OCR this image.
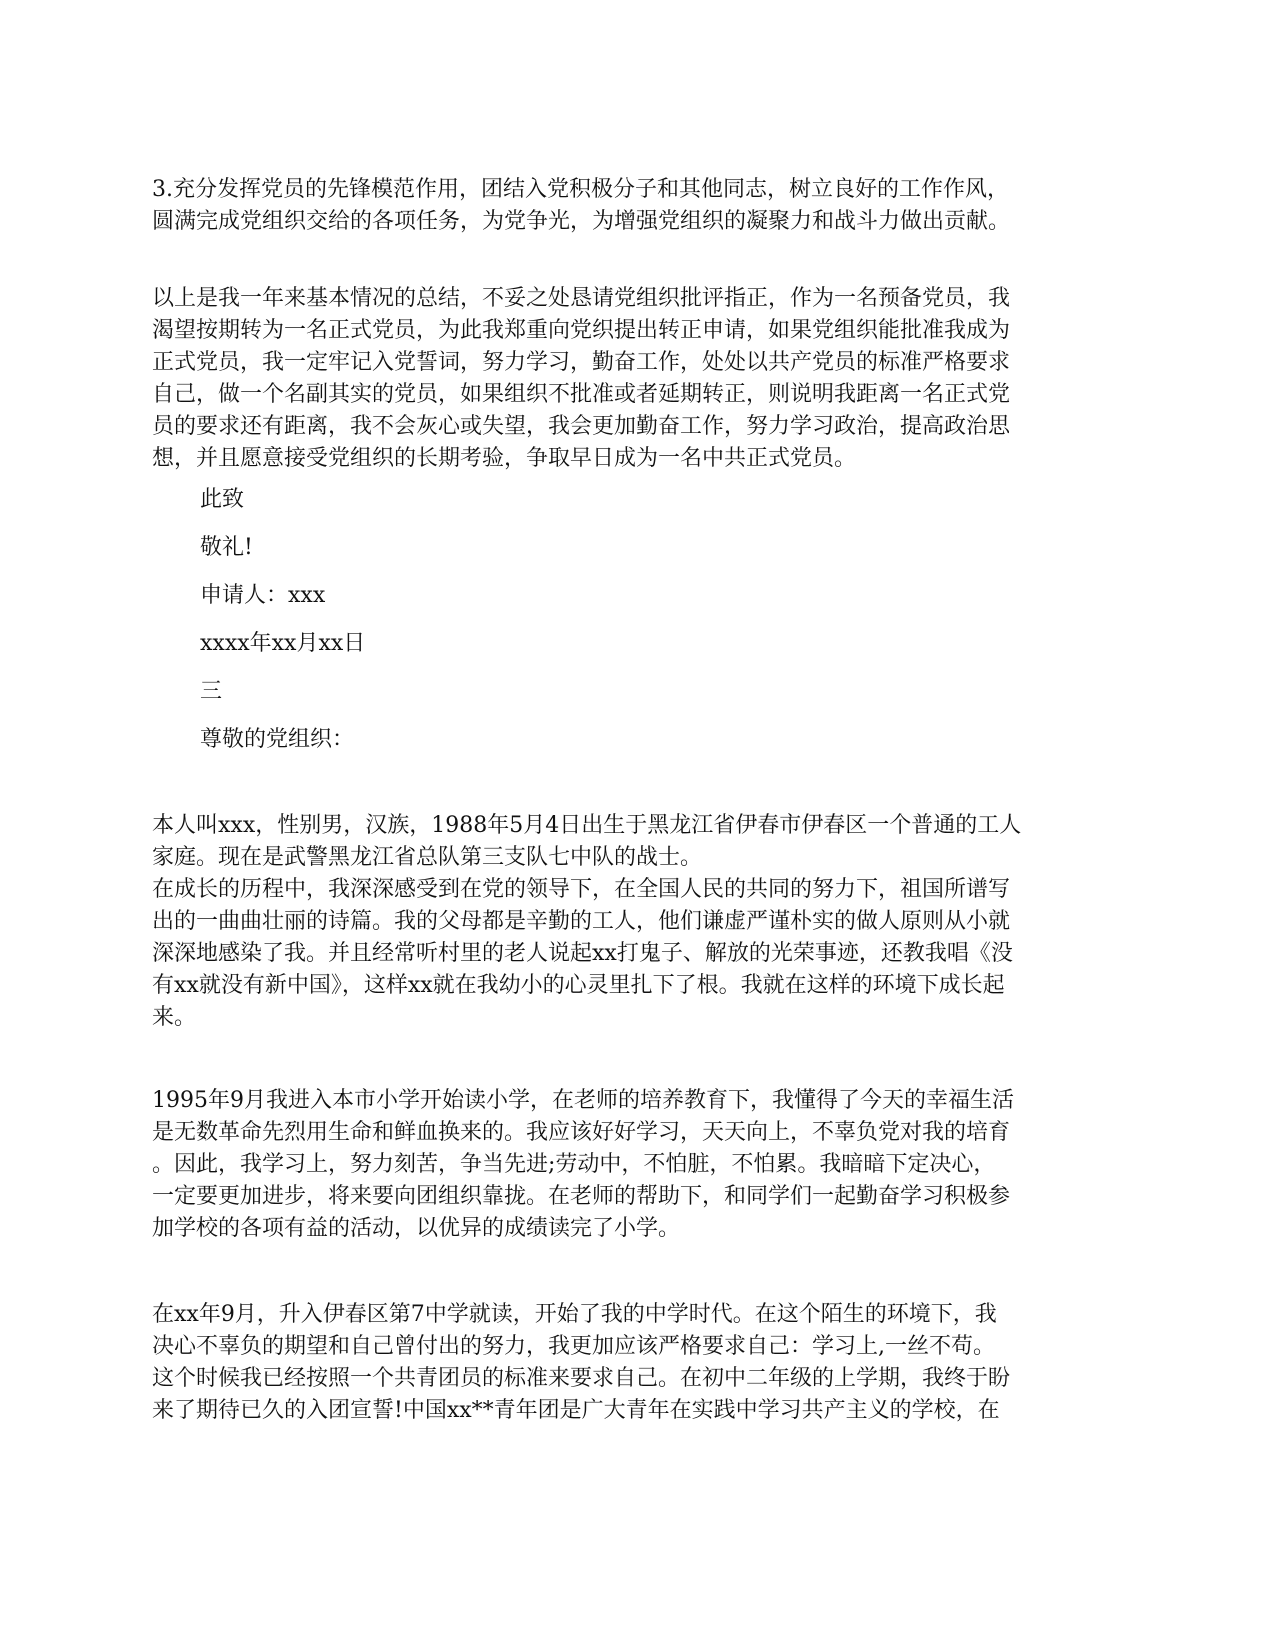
3.充分发挥党员的先锋模范作用，团结入党积极分子和其他同志，树立良好的工作作风，
圆满完成党组织交给的各项任务，为党争光，为增强党组织的凝聚力和战斗力做出贡献。
以上是我一年来基本情况的总结，不妥之处恳请党组织批评指正，作为一名预备党员，我
渴望按期转为一名正式党员，为此我郑重向党织提出转正申请，如果党组织能批准我成为
正式党员，我一定牢记入党誓词，努力学习，勤奋工作，处处以共产党员的标准严格要求
自己，做一个名副其实的党员，如果组织不批准或者延期转正，则说明我距离一名正式党
员的要求还有距离，我不会灰心或失望，我会更加勤奋工作，努力学习政治，提高政治思
想，并且愿意接受党组织的长期考验，争取早日成为一名中共正式党员。
此致
敬礼!
申请人：xxx
xxxx年xx月xx日
三
尊敬的党组织：
本人叫xxx，性别男，汉族，1988年5月4日出生于黑龙江省伊春市伊春区一个普通的工人
家庭。现在是武警黑龙江省总队第三支队七中队的战士。
在成长的历程中，我深深感受到在党的领导下，在全国人民的共同的努力下，祖国所谱写
出的一曲曲壮丽的诗篇。我的父母都是辛勤的工人，他们谦虚严谨朴实的做人原则从小就
深深地感染了我。并且经常听村里的老人说起xx打鬼子、解放的光荣事迹，还教我唱《没
有xx就没有新中国》，这样xx就在我幼小的心灵里扎下了根。我就在这样的环境下成长起
来。
1995年9月我进入本市小学开始读小学，在老师的培养教育下，我懂得了今天的幸福生活
是无数革命先烈用生命和鲜血换来的。我应该好好学习，天天向上，不辜负党对我的培育
。因此，我学习上，努力刻苦，争当先进;劳动中，不怕脏，不怕累。我暗暗下定决心，
一定要更加进步，将来要向团组织靠拢。在老师的帮助下，和同学们一起勤奋学习积极参
加学校的各项有益的活动，以优异的成绩读完了小学。
在xx年9月，升入伊春区第7中学就读，开始了我的中学时代。在这个陌生的环境下，我
决心不辜负的期望和自己曾付出的努力，我更加应该严格要求自己：学习上,一丝不苟。
这个时候我已经按照一个共青团员的标准来要求自己。在初中二年级的上学期，我终于盼
来了期待已久的入团宣誓!中国xx**青年团是广大青年在实践中学习共产主义的学校，在
